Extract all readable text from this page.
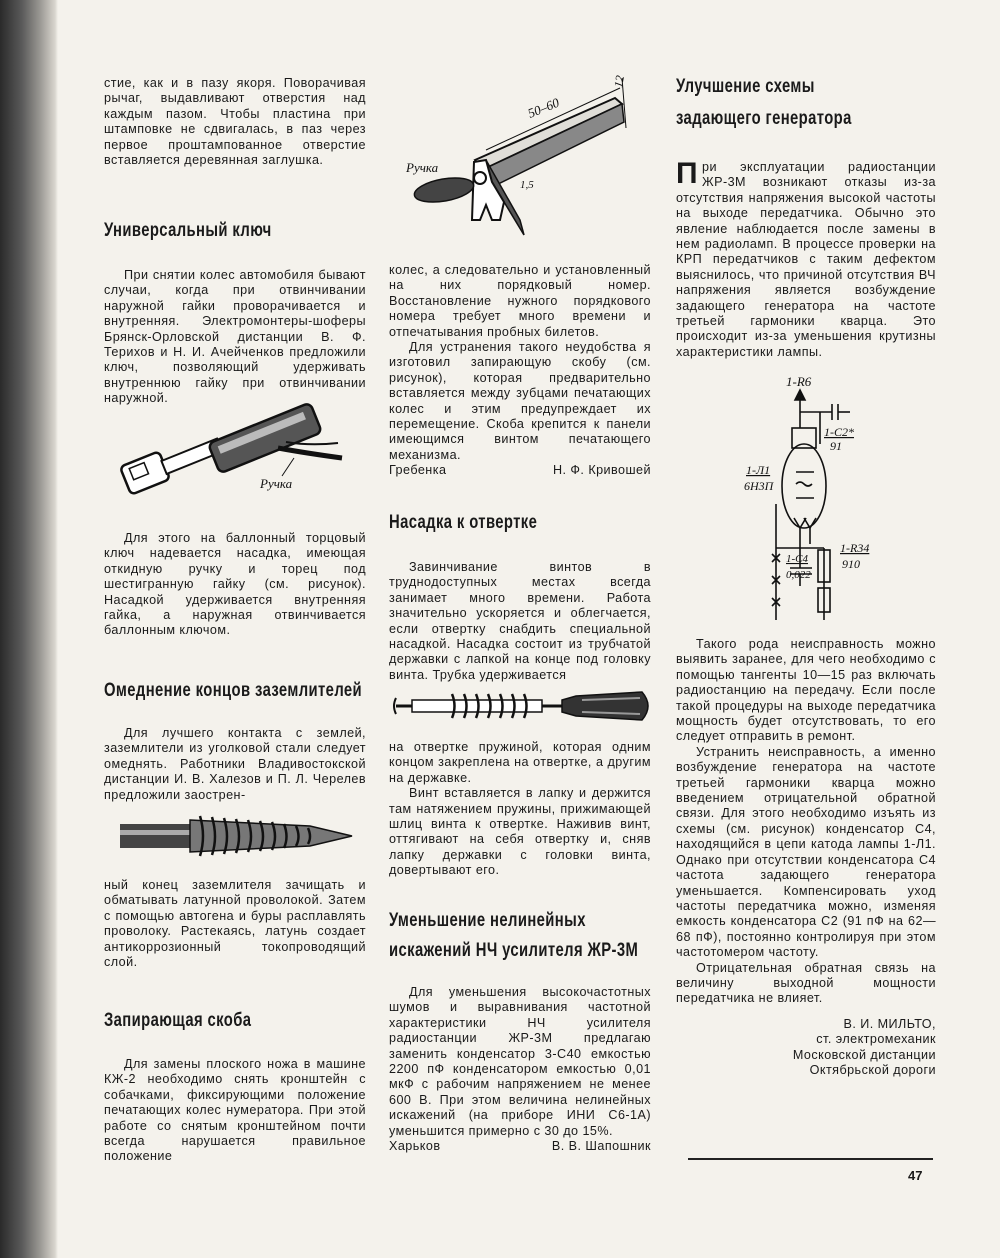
стие, как и в пазу якоря. Поворачивая рычаг, выдавливают отверстия над каждым пазом. Чтобы пластина при штамповке не сдвигалась, в паз через первое проштампованное отверстие вставляется деревянная заглушка.

Универсальный ключ

При снятии колес автомобиля бывают случаи, когда при отвинчивании наружной гайки проворачивается и внутренняя. Электромонтеры-шоферы Брянск-Орловской дистанции В. Ф. Терихов и Н. И. Ачейченков предложили ключ, позволяющий удерживать внутреннюю гайку при отвинчивании наружной.

Ручка

Для этого на баллонный торцовый ключ надевается насадка, имеющая откидную ручку и торец под шестигранную гайку (см. рисунок). Насадкой удерживается внутренняя гайка, а наружная отвинчивается баллонным ключом.

Омеднение концов заземлителей

Для лучшего контакта с землей, заземлители из уголковой стали следует омеднять. Работники Владивостокской дистанции И. В. Халезов и П. Л. Черелев предложили заострен-

ный конец заземлителя зачищать и обматывать латунной проволокой. Затем с помощью автогена и буры расплавлять проволоку. Растекаясь, латунь создает антикоррозионный токопроводящий слой.

Запирающая скоба

Для замены плоского ножа в машине КЖ-2 необходимо снять кронштейн с собачками, фиксирующими положение печатающих колес нумератора. При этой работе со снятым кронштейном почти всегда нарушается правильное положение

50–60
12
1,5
Ручка

колес, а следовательно и установленный на них порядковый номер. Восстановление нужного порядкового номера требует много времени и отпечатывания пробных билетов.

Для устранения такого неудобства я изготовил запирающую скобу (см. рисунок), которая предварительно вставляется между зубцами печатающих колес и этим предупреждает их перемещение. Скоба крепится к панели имеющимся винтом печатающего механизма.

Гребенка	Н. Ф. Кривошей
Насадка к отвертке

Завинчивание винтов в труднодоступных местах всегда занимает много времени. Работа значительно ускоряется и облегчается, если отвертку снабдить специальной насадкой. Насадка состоит из трубчатой державки с лапкой на конце под головку винта. Трубка удерживается

на отвертке пружиной, которая одним концом закреплена на отвертке, а другим на державке.

Винт вставляется в лапку и держится там натяжением пружины, прижимающей шлиц винта к отвертке. Наживив винт, оттягивают на себя отвертку и, сняв лапку державки с головки винта, довертывают его.

Уменьшение нелинейных
искажений НЧ усилителя ЖР-3М

Для уменьшения высокочастотных шумов и выравнивания частотной характеристики НЧ усилителя радиостанции ЖР-3М предлагаю заменить конденсатор 3-С40 емкостью 2200 пФ конденсатором емкостью 0,01 мкФ с рабочим напряжением не менее 600 В. При этом величина нелинейных искажений (на приборе ИНИ С6-1А) уменьшится примерно с 30 до 15%.

Харьков	В. В. Шапошник
Улучшение схемы
задающего генератора

При эксплуатации радиостанции ЖР-3М возникают отказы из-за отсутствия напряжения высокой частоты на выходе передатчика. Обычно это явление наблюдается после замены в нем радиоламп. В процессе проверки на КРП передатчиков с таким дефектом выяснилось, что причиной отсутствия ВЧ напряжения является возбуждение задающего генератора на частоте третьей гармоники кварца. Это происходит из-за уменьшения крутизны характеристики лампы.

1-R6
1-С2*
91
1-Л1
6Н3П
1-R34
910
1-С4
0,022

Такого рода неисправность можно выявить заранее, для чего необходимо с помощью тангенты 10—15 раз включать радиостанцию на передачу. Если после такой процедуры на выходе передатчика мощность будет отсутствовать, то его следует отправить в ремонт.

Устранить неисправность, а именно возбуждение генератора на частоте третьей гармоники кварца можно введением отрицательной обратной связи. Для этого необходимо изъять из схемы (см. рисунок) конденсатор С4, находящийся в цепи катода лампы 1-Л1. Однако при отсутствии конденсатора С4 частота задающего генератора уменьшается. Компенсировать уход частоты передатчика можно, изменяя емкость конденсатора С2 (91 пФ на 62—68 пФ), постоянно контролируя при этом частотомером частоту.

Отрицательная обратная связь на величину выходной мощности передатчика не влияет.

В. И. МИЛЬТО,
ст. электромеханик
Московской дистанции
Октябрьской дороги
47
